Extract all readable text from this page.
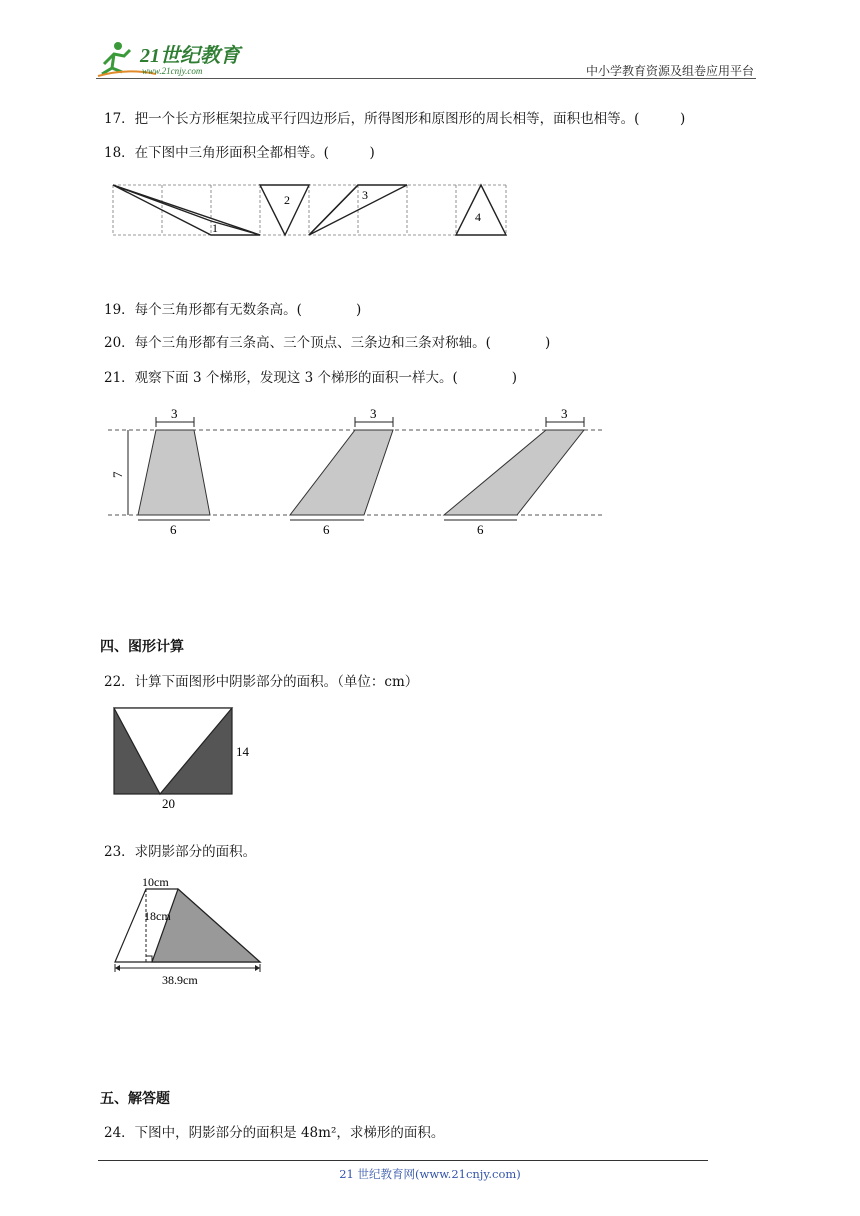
21世纪教育
www.21cnjy.com	中小学教育资源及组卷应用平台
17．把一个长方形框架拉成平行四边形后，所得图形和原图形的周长相等，面积也相等。(　　　)
18．在下图中三角形面积全都相等。(　　　)
1
2	3
4
19．每个三角形都有无数条高。(　　　　)
20．每个三角形都有三条高、三个顶点、三条边和三条对称轴。(　　　　)
21．观察下面 3 个梯形，发现这 3 个梯形的面积一样大。(　　　　)
3	3	3
6	6	6
7
四、图形计算
22．计算下面图形中阴影部分的面积。（单位：cm）
14
20
23．求阴影部分的面积。
10cm
18cm
38.9cm
五、解答题
24．下图中，阴影部分的面积是 48m²，求梯形的面积。
21 世纪教育网(www.21cnjy.com)
